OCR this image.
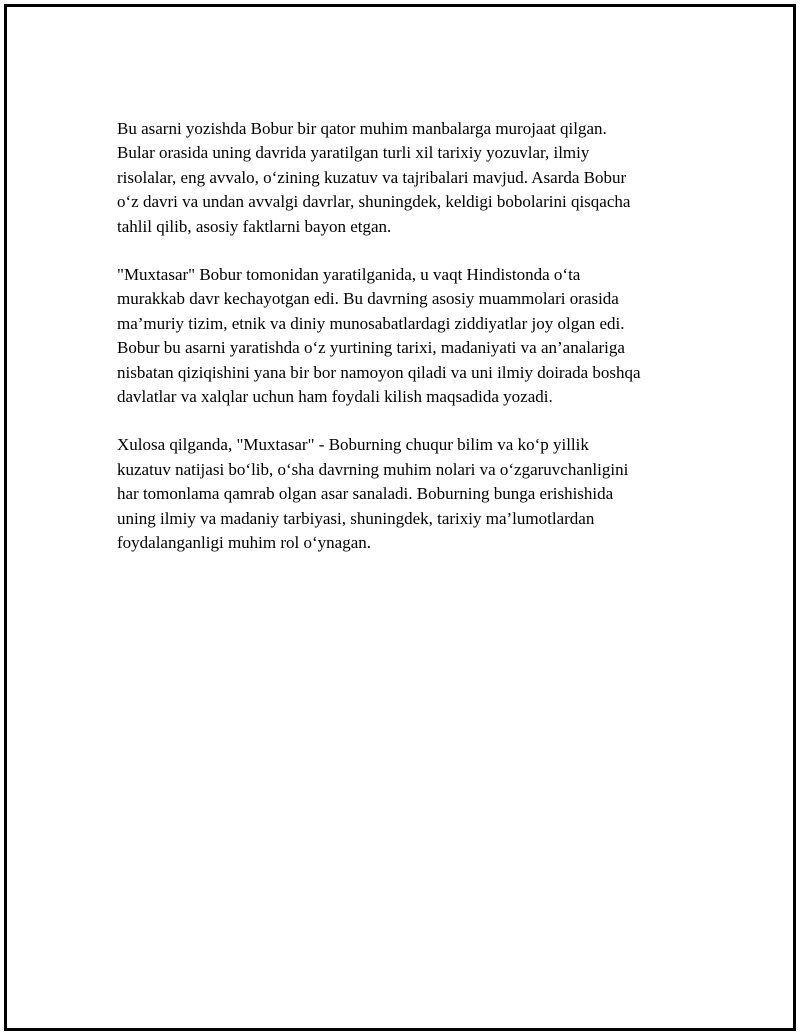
Bu asarni yozishda Bobur bir qator muhim manbalarga murojaat qilgan.
Bular orasida uning davrida yaratilgan turli xil tarixiy yozuvlar, ilmiy
risolalar, eng avvalo, o‘zining kuzatuv va tajribalari mavjud. Asarda Bobur
o‘z davri va undan avvalgi davrlar, shuningdek, keldigi bobolarini qisqacha
tahlil qilib, asosiy faktlarni bayon etgan.

"Muxtasar" Bobur tomonidan yaratilganida, u vaqt Hindistonda o‘ta
murakkab davr kechayotgan edi. Bu davrning asosiy muammolari orasida
ma’muriy tizim, etnik va diniy munosabatlardagi ziddiyatlar joy olgan edi.
Bobur bu asarni yaratishda o‘z yurtining tarixi, madaniyati va an’analariga
nisbatan qiziqishini yana bir bor namoyon qiladi va uni ilmiy doirada boshqa
davlatlar va xalqlar uchun ham foydali kilish maqsadida yozadi.

Xulosa qilganda, "Muxtasar" - Boburning chuqur bilim va ko‘p yillik
kuzatuv natijasi bo‘lib, o‘sha davrning muhim nolari va o‘zgaruvchanligini
har tomonlama qamrab olgan asar sanaladi. Boburning bunga erishishida
uning ilmiy va madaniy tarbiyasi, shuningdek, tarixiy ma’lumotlardan
foydalanganligi muhim rol o‘ynagan.
